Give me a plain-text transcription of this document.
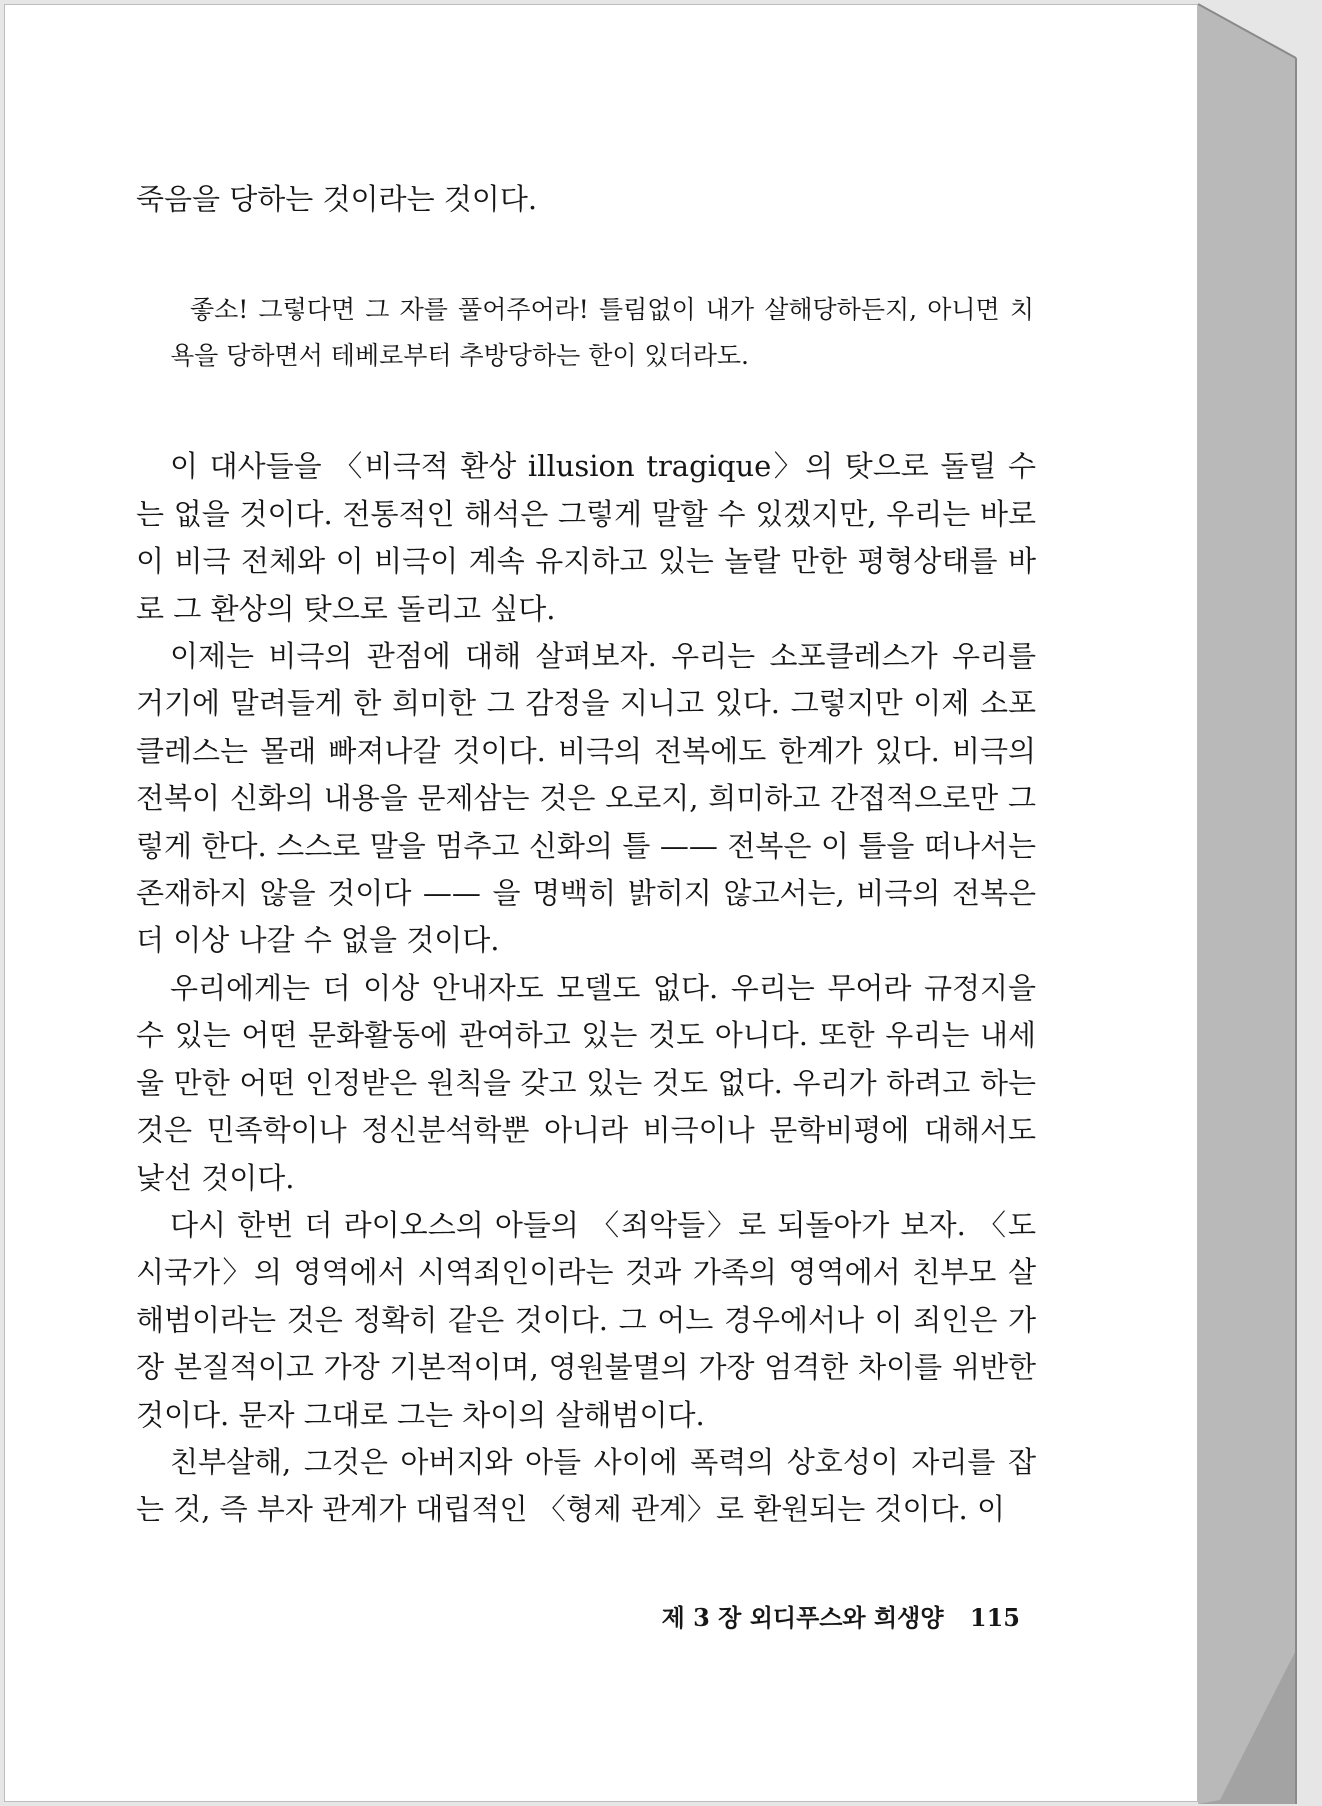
죽음을 당하는 것이라는 것이다.

좋소! 그렇다면 그 자를 풀어주어라! 틀림없이 내가 살해당하든지, 아니면 치욕을 당하면서 테베로부터 추방당하는 한이 있더라도.

이 대사들을 〈비극적 환상 illusion tragique〉의 탓으로 돌릴 수는 없을 것이다. 전통적인 해석은 그렇게 말할 수 있겠지만, 우리는 바로 이 비극 전체와 이 비극이 계속 유지하고 있는 놀랄 만한 평형상태를 바로 그 환상의 탓으로 돌리고 싶다.

이제는 비극의 관점에 대해 살펴보자. 우리는 소포클레스가 우리를 거기에 말려들게 한 희미한 그 감정을 지니고 있다. 그렇지만 이제 소포클레스는 몰래 빠져나갈 것이다. 비극의 전복에도 한계가 있다. 비극의 전복이 신화의 내용을 문제삼는 것은 오로지, 희미하고 간접적으로만 그렇게 한다. 스스로 말을 멈추고 신화의 틀 —— 전복은 이 틀을 떠나서는 존재하지 않을 것이다 —— 을 명백히 밝히지 않고서는, 비극의 전복은 더 이상 나갈 수 없을 것이다.

우리에게는 더 이상 안내자도 모델도 없다. 우리는 무어라 규정지을 수 있는 어떤 문화활동에 관여하고 있는 것도 아니다. 또한 우리는 내세울 만한 어떤 인정받은 원칙을 갖고 있는 것도 없다. 우리가 하려고 하는 것은 민족학이나 정신분석학뿐 아니라 비극이나 문학비평에 대해서도 낯선 것이다.

다시 한번 더 라이오스의 아들의 〈죄악들〉로 되돌아가 보자. 〈도시국가〉의 영역에서 시역죄인이라는 것과 가족의 영역에서 친부모 살해범이라는 것은 정확히 같은 것이다. 그 어느 경우에서나 이 죄인은 가장 본질적이고 가장 기본적이며, 영원불멸의 가장 엄격한 차이를 위반한 것이다. 문자 그대로 그는 차이의 살해범이다.

친부살해, 그것은 아버지와 아들 사이에 폭력의 상호성이 자리를 잡는 것, 즉 부자 관계가 대립적인 〈형제 관계〉로 환원되는 것이다. 이

제 3 장 외디푸스와 희생양 115
